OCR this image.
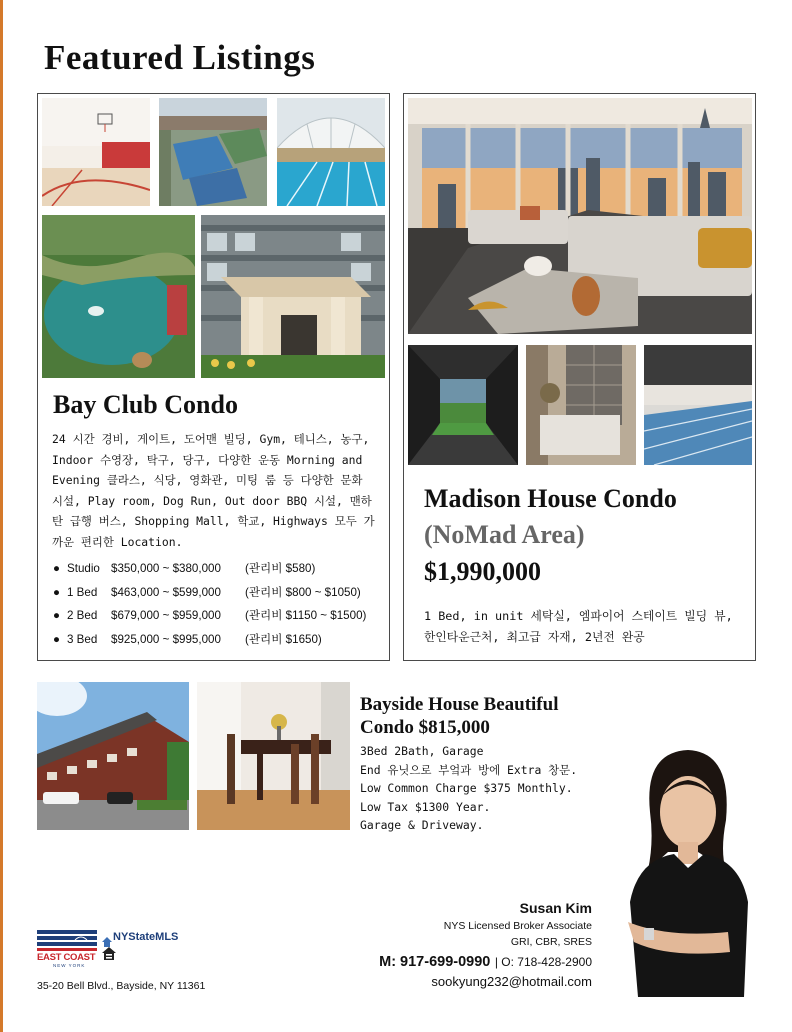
Featured Listings
Bay Club Condo
24 시간 경비, 게이트, 도어맨 빌딩, Gym, 테니스, 농구, Indoor 수영장, 탁구, 당구, 다양한 운동 Morning and Evening 클라스, 식당, 영화관, 미팅 룸 등 다양한 문화 시설, Play room, Dog Run, Out door BBQ 시설, 맨하탄 급행 버스, Shopping Mall, 학교, Highways 모두 가까운 편리한 Location.
● Studio $350,000 ~ $380,000 (관리비 $580)
● 1 Bed $463,000 ~ $599,000 (관리비 $800 ~ $1050)
● 2 Bed $679,000 ~ $959,000 (관리비 $1150 ~ $1500)
● 3 Bed $925,000 ~ $995,000 (관리비 $1650)
Madison House Condo
(NoMad Area)
$1,990,000
1 Bed, in unit 세탁실, 엠파이어 스테이트 빌딩 뷰, 한인타운근처, 최고급 자재, 2년전 완공
Bayside House Beautiful
Condo $815,000
3Bed 2Bath, Garage
End 유닛으로 부엌과 방에 Extra 창문.
Low Common Charge $375 Monthly.
Low Tax $1300 Year.
Garage & Driveway.
Susan Kim
NYS Licensed Broker Associate
GRI, CBR, SRES
M: 917-699-0990 | O: 718-428-2900
sookyung232@hotmail.com
EAST COAST
NEW YORK
NYStateMLS
35-20 Bell Blvd., Bayside, NY 11361
